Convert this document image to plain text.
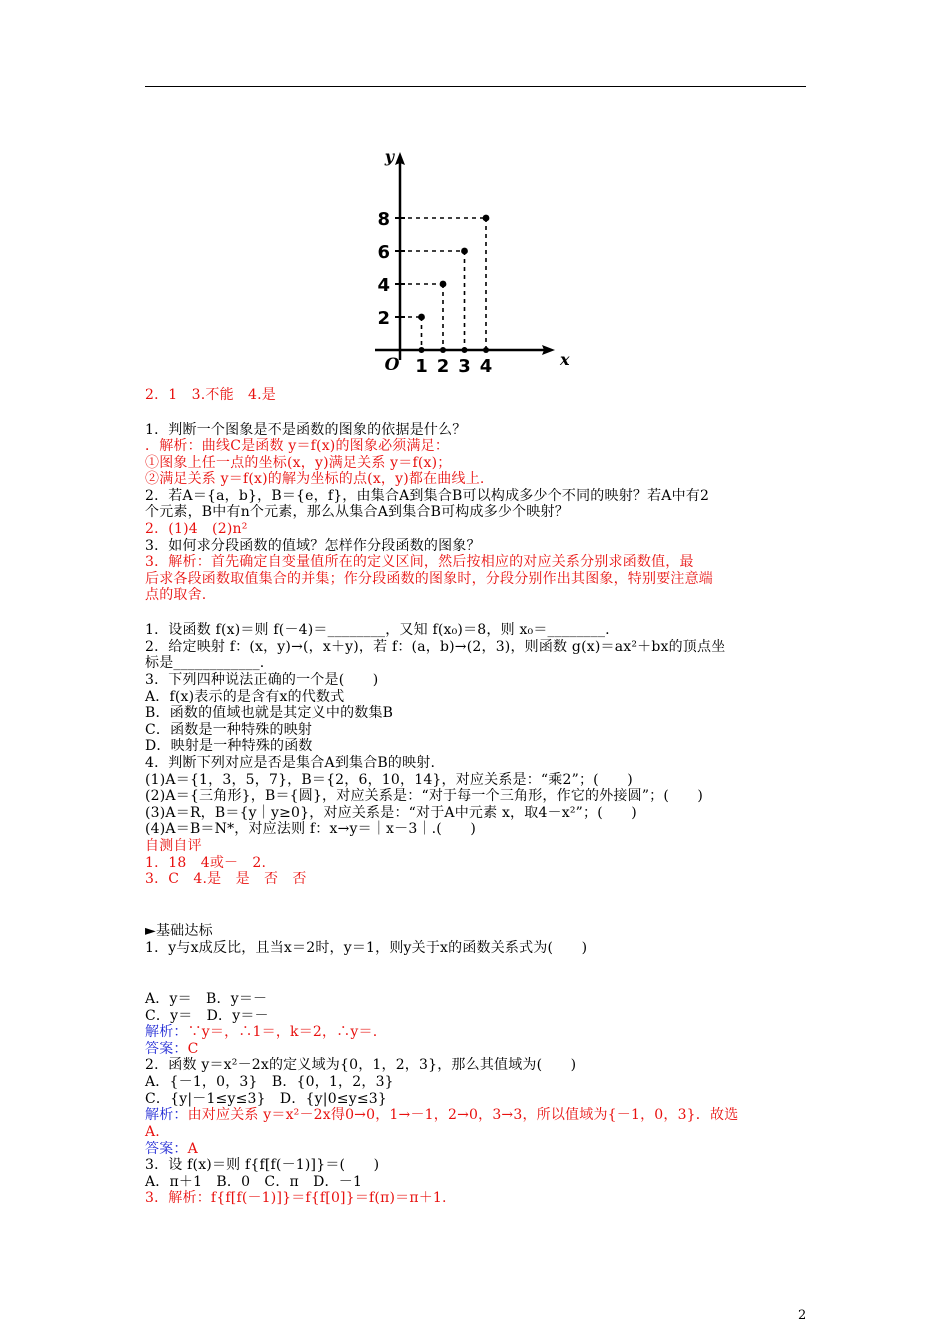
y
x
O 1 2 3 4
2
4
6
8
2．1　3.不能　4.是
1．判断一个图象是不是函数的图象的依据是什么？
．解析：曲线C是函数 y＝f(x)的图象必须满足：
①图象上任一点的坐标(x，y)满足关系 y＝f(x)；
②满足关系 y＝f(x)的解为坐标的点(x，y)都在曲线上.
2．若A＝{a，b}，B＝{e，f}，由集合A到集合B可以构成多少个不同的映射？若A中有2
个元素，B中有n个元素，那么从集合A到集合B可构成多少个映射？
2．(1)4　(2)n²
3．如何求分段函数的值域？怎样作分段函数的图象？
3．解析：首先确定自变量值所在的定义区间，然后按相应的对应关系分别求函数值，最
后求各段函数取值集合的并集；作分段函数的图象时，分段分别作出其图象，特别要注意端
点的取舍.
1．设函数 f(x)＝则 f(－4)＝________，又知 f(x₀)＝8，则 x₀＝________.
2．给定映射 f：(x，y)→(，x＋y)，若 f：(a，b)→(2，3)，则函数 g(x)＝ax²＋bx的顶点坐
标是____________.
3．下列四种说法正确的一个是(　　)
A．f(x)表示的是含有x的代数式
B．函数的值域也就是其定义中的数集B
C．函数是一种特殊的映射
D．映射是一种特殊的函数
4．判断下列对应是否是集合A到集合B的映射.
(1)A＝{1，3，5，7}，B＝{2，6，10，14}，对应关系是：“乘2”；(　　)
(2)A＝{三角形}，B＝{圆}，对应关系是：“对于每一个三角形，作它的外接圆”；(　　)
(3)A＝R，B＝{y｜y≥0}，对应关系是：“对于A中元素 x，取4－x²”；(　　)
(4)A＝B＝N*，对应法则 f：x→y＝｜x－3｜.(　　)
自测自评
1．18　4或－　2.
3．C　4.是　是　否　否
►基础达标
1．y与x成反比，且当x＝2时，y＝1，则y关于x的函数关系式为(　　)
A．y＝　B．y＝－
C．y＝　D．y＝－
解析：∵y＝，∴1＝，k＝2，∴y＝.
答案：C
2．函数 y＝x²－2x的定义域为{0，1，2，3}，那么其值域为(　　)
A．{－1，0，3}　B．{0，1，2，3}
C．{y|－1≤y≤3}　D．{y|0≤y≤3}
解析：由对应关系 y＝x²－2x得0→0，1→－1，2→0，3→3，所以值域为{－1，0，3}．故选
A.
答案：A
3．设 f(x)＝则 f{f[f(－1)]}＝(　　)
A．π＋1　B．0　C．π　D．－1
3．解析：f{f[f(－1)]}＝f{f[0]}＝f(π)＝π＋1.
2
